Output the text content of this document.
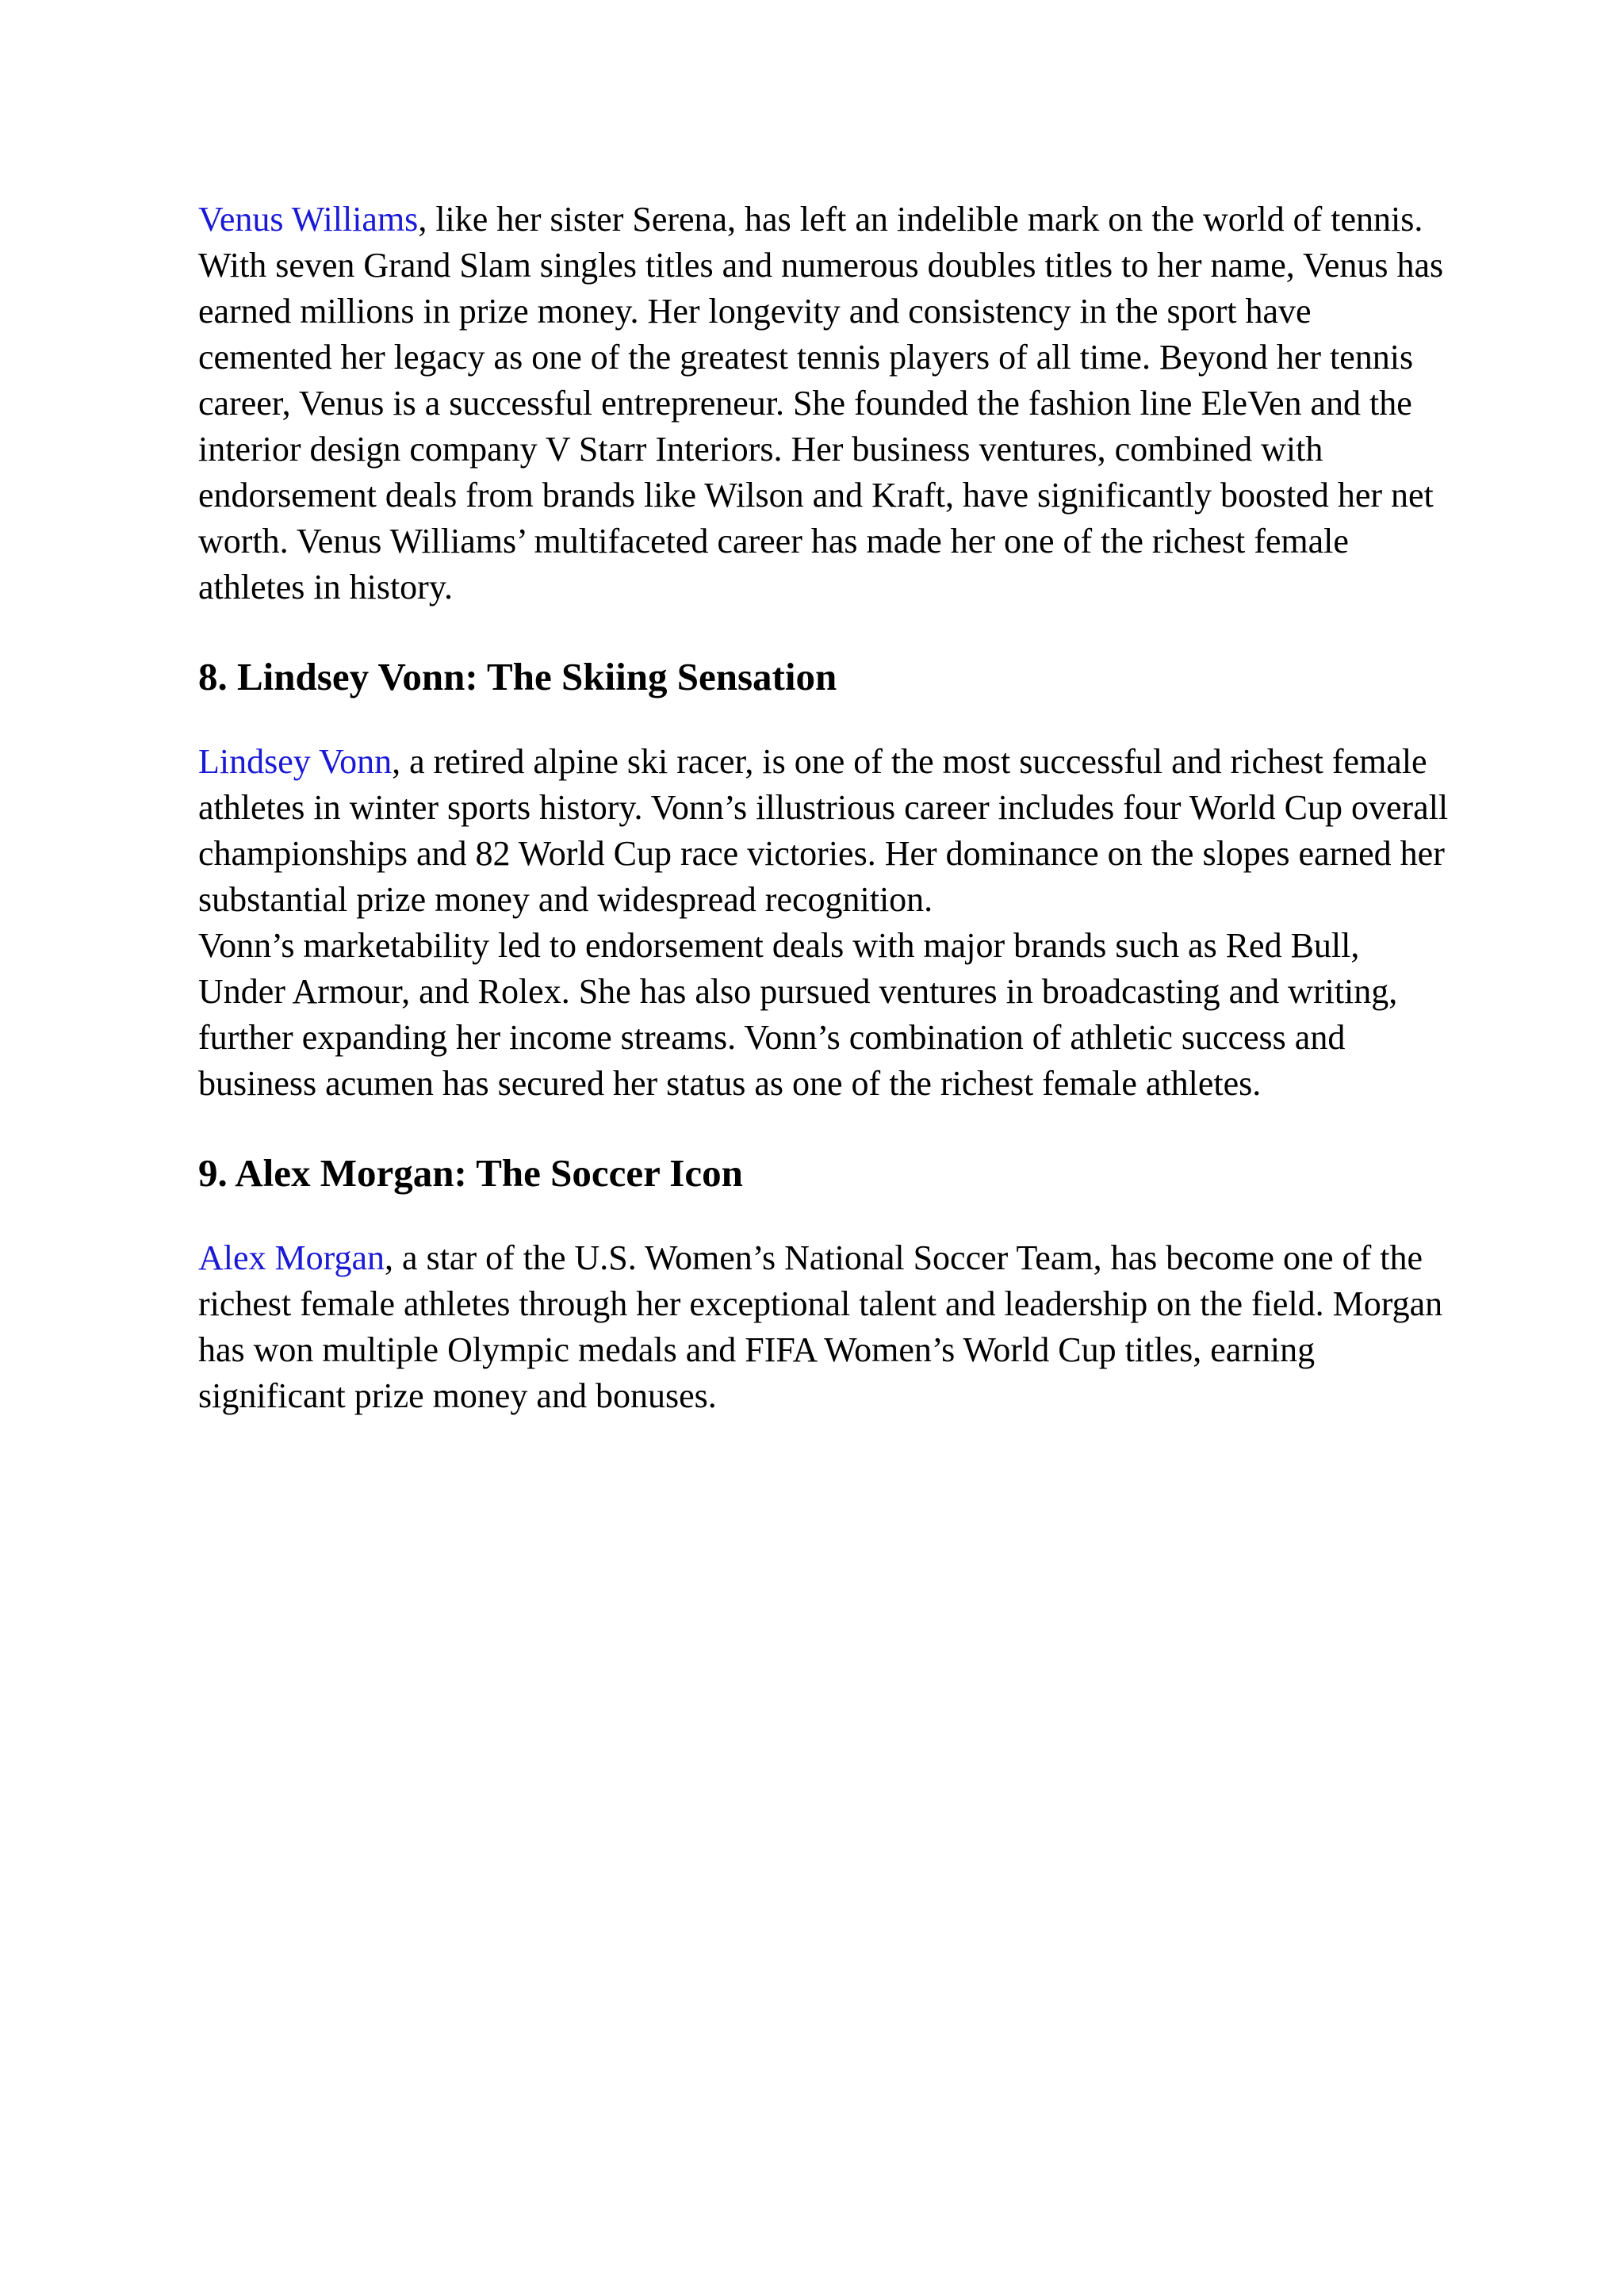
Venus Williams, like her sister Serena, has left an indelible mark on the world of tennis. With seven Grand Slam singles titles and numerous doubles titles to her name, Venus has earned millions in prize money. Her longevity and consistency in the sport have cemented her legacy as one of the greatest tennis players of all time. Beyond her tennis career, Venus is a successful entrepreneur. She founded the fashion line EleVen and the interior design company V Starr Interiors. Her business ventures, combined with endorsement deals from brands like Wilson and Kraft, have significantly boosted her net worth. Venus Williams’ multifaceted career has made her one of the richest female athletes in history.

8. Lindsey Vonn: The Skiing Sensation

Lindsey Vonn, a retired alpine ski racer, is one of the most successful and richest female athletes in winter sports history. Vonn’s illustrious career includes four World Cup overall championships and 82 World Cup race victories. Her dominance on the slopes earned her substantial prize money and widespread recognition.

Vonn’s marketability led to endorsement deals with major brands such as Red Bull, Under Armour, and Rolex. She has also pursued ventures in broadcasting and writing, further expanding her income streams. Vonn’s combination of athletic success and business acumen has secured her status as one of the richest female athletes.

9. Alex Morgan: The Soccer Icon

Alex Morgan, a star of the U.S. Women’s National Soccer Team, has become one of the richest female athletes through her exceptional talent and leadership on the field. Morgan has won multiple Olympic medals and FIFA Women’s World Cup titles, earning significant prize money and bonuses.
